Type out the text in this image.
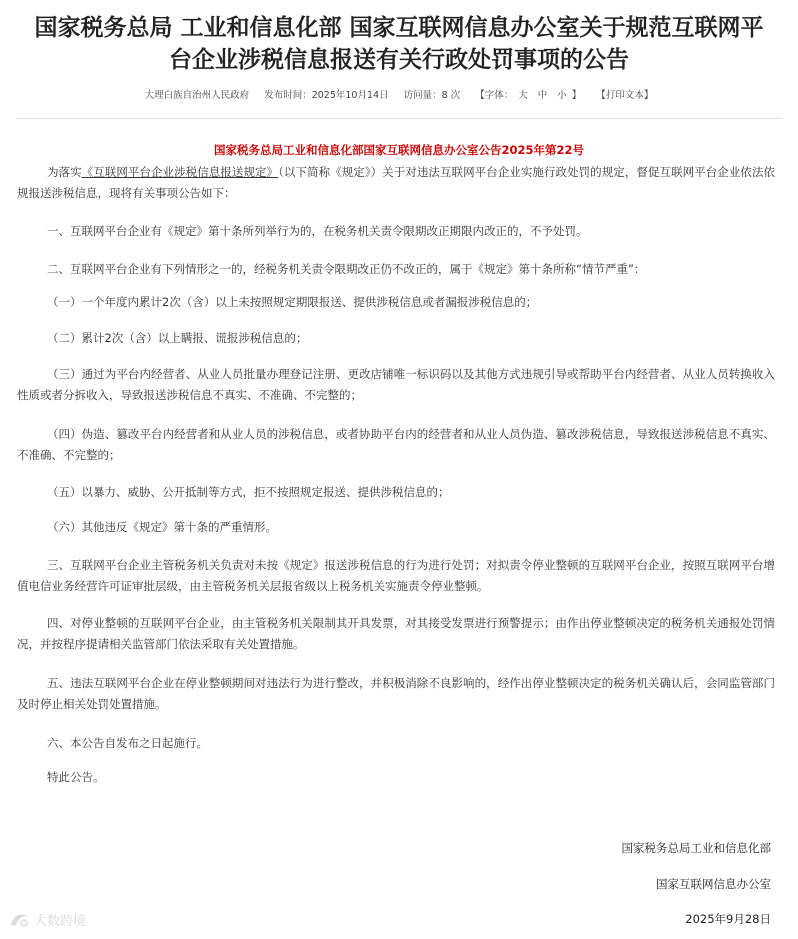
国家税务总局 工业和信息化部 国家互联网信息办公室关于规范互联网平
台企业涉税信息报送有关行政处罚事项的公告
大理白族自治州人民政府 发布时间：2025年10月14日 访问量：8 次 【字体： 大 中 小 】 【打印文本】
国家税务总局工业和信息化部国家互联网信息办公室公告2025年第22号

为落实《互联网平台企业涉税信息报送规定》（以下简称《规定》）关于对违法互联网平台企业实施行政处罚的规定，督促互联网平台企业依法依规报送涉税信息，现将有关事项公告如下：

一、互联网平台企业有《规定》第十条所列举行为的，在税务机关责令限期改正期限内改正的，不予处罚。

二、互联网平台企业有下列情形之一的，经税务机关责令限期改正仍不改正的，属于《规定》第十条所称“情节严重”：

（一）一个年度内累计2次（含）以上未按照规定期限报送、提供涉税信息或者漏报涉税信息的；

（二）累计2次（含）以上瞒报、谎报涉税信息的；

（三）通过为平台内经营者、从业人员批量办理登记注册、更改店铺唯一标识码以及其他方式违规引导或帮助平台内经营者、从业人员转换收入性质或者分拆收入，导致报送涉税信息不真实、不准确、不完整的；

（四）伪造、篡改平台内经营者和从业人员的涉税信息，或者协助平台内的经营者和从业人员伪造、篡改涉税信息，导致报送涉税信息不真实、不准确、不完整的；

（五）以暴力、威胁、公开抵制等方式，拒不按照规定报送、提供涉税信息的；

（六）其他违反《规定》第十条的严重情形。

三、互联网平台企业主管税务机关负责对未按《规定》报送涉税信息的行为进行处罚；对拟责令停业整顿的互联网平台企业，按照互联网平台增值电信业务经营许可证审批层级，由主管税务机关层报省级以上税务机关实施责令停业整顿。

四、对停业整顿的互联网平台企业，由主管税务机关限制其开具发票，对其接受发票进行预警提示；由作出停业整顿决定的税务机关通报处罚情况，并按程序提请相关监管部门依法采取有关处置措施。

五、违法互联网平台企业在停业整顿期间对违法行为进行整改，并积极消除不良影响的，经作出停业整顿决定的税务机关确认后，会同监管部门及时停止相关处罚处置措施。

六、本公告自发布之日起施行。

特此公告。

国家税务总局工业和信息化部
国家互联网信息办公室
2025年9月28日
大数跨境
